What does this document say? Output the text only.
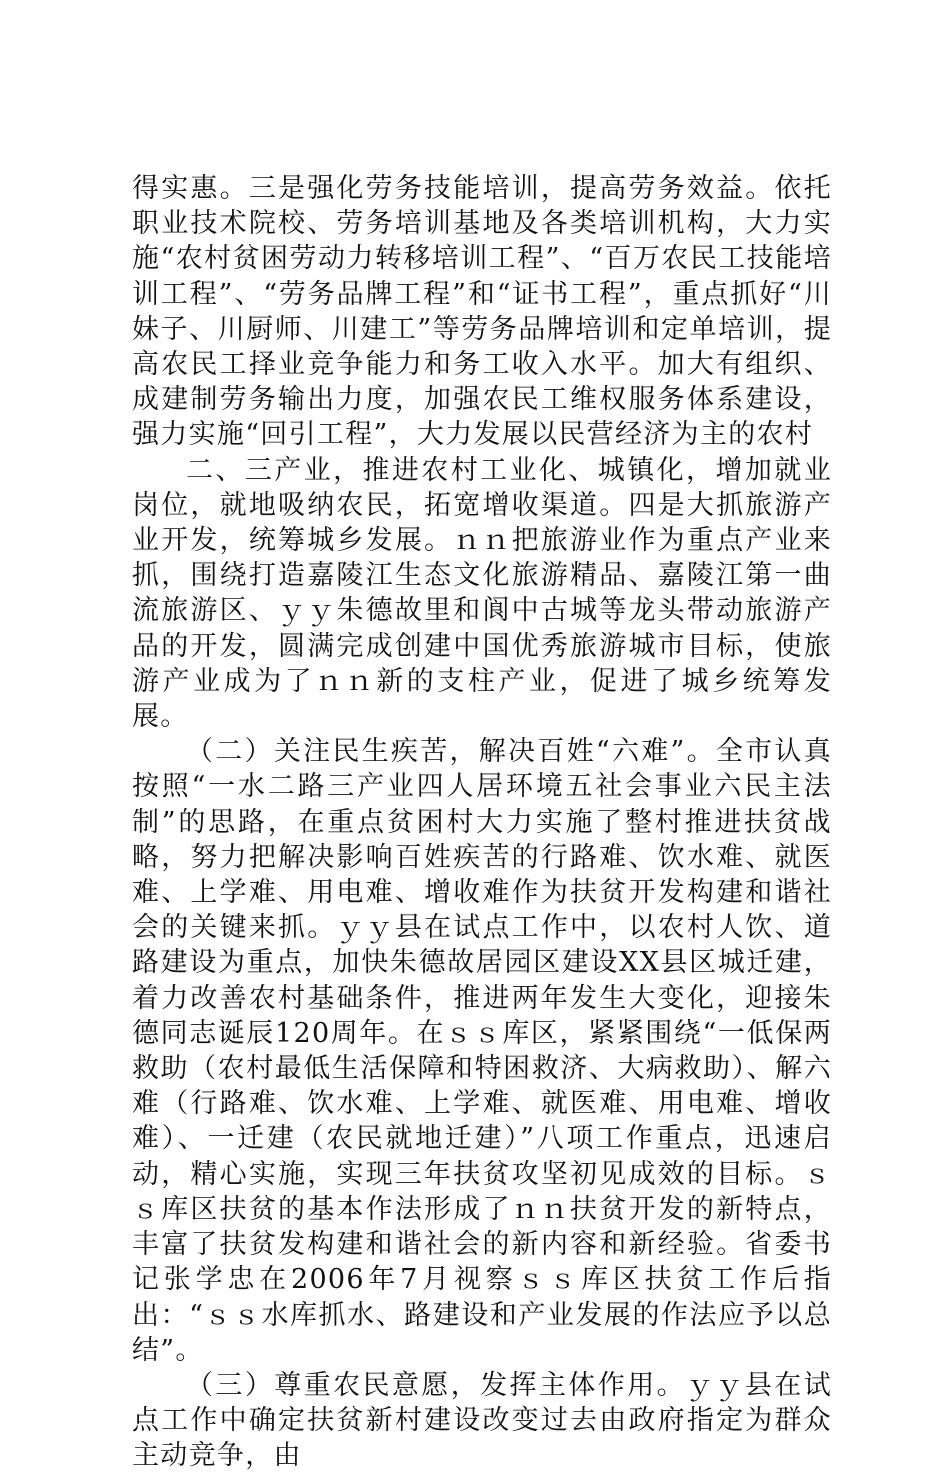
得实惠。三是强化劳务技能培训，提高劳务效益。依托职业技术院校、劳务培训基地及各类培训机构，大力实施“农村贫困劳动力转移培训工程”、“百万农民工技能培训工程”、“劳务品牌工程”和“证书工程”，重点抓好“川妹子、川厨师、川建工”等劳务品牌培训和定单培训，提高农民工择业竞争能力和务工收入水平。加大有组织、成建制劳务输出力度，加强农民工维权服务体系建设，强力实施“回引工程”，大力发展以民营经济为主的农村

二、三产业，推进农村工业化、城镇化，增加就业岗位，就地吸纳农民，拓宽增收渠道。四是大抓旅游产业开发，统筹城乡发展。ｎｎ把旅游业作为重点产业来抓，围绕打造嘉陵江生态文化旅游精品、嘉陵江第一曲流旅游区、ｙｙ朱德故里和阆中古城等龙头带动旅游产品的开发，圆满完成创建中国优秀旅游城市目标，使旅游产业成为了ｎｎ新的支柱产业，促进了城乡统筹发展。

（二）关注民生疾苦，解决百姓“六难”。全市认真按照“一水二路三产业四人居环境五社会事业六民主法制”的思路，在重点贫困村大力实施了整村推进扶贫战略，努力把解决影响百姓疾苦的行路难、饮水难、就医难、上学难、用电难、增收难作为扶贫开发构建和谐社会的关键来抓。ｙｙ县在试点工作中，以农村人饮、道路建设为重点，加快朱德故居园区建设XX县区城迁建，着力改善农村基础条件，推进两年发生大变化，迎接朱德同志诞辰120周年。在ｓｓ库区，紧紧围绕“一低保两救助（农村最低生活保障和特困救济、大病救助）、解六难（行路难、饮水难、上学难、就医难、用电难、增收难）、一迁建（农民就地迁建）”八项工作重点，迅速启动，精心实施，实现三年扶贫攻坚初见成效的目标。ｓｓ库区扶贫的基本作法形成了ｎｎ扶贫开发的新特点，丰富了扶贫发构建和谐社会的新内容和新经验。省委书记张学忠在2006年7月视察ｓｓ库区扶贫工作后指出：“ｓｓ水库抓水、路建设和产业发展的作法应予以总结”。

（三）尊重农民意愿，发挥主体作用。ｙｙ县在试点工作中确定扶贫新村建设改变过去由政府指定为群众主动竞争，由
